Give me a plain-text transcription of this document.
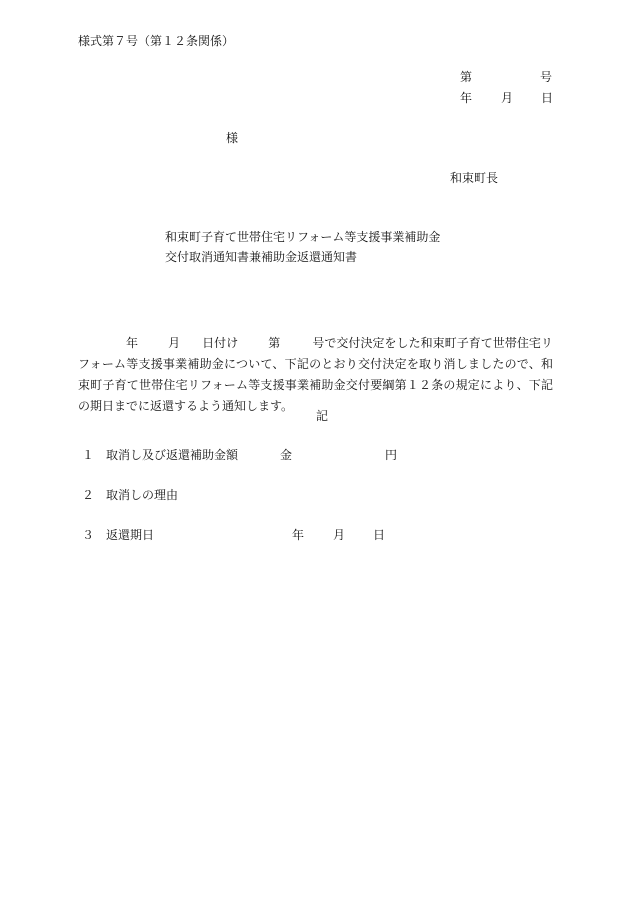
様式第７号（第１２条関係）
第	号
年 月 日
様
和束町長
和束町子育て世帯住宅リフォーム等支援事業補助金
交付取消通知書兼補助金返還通知書
年	月 日付け	第	号で交付決定をした和束町子育て世帯住宅リフォーム等支援事業補助金について、下記のとおり交付決定を取り消しましたので、和束町子育て世帯住宅リフォーム等支援事業補助金交付要綱第１２条の規定により、下記の期日までに返還するよう通知します。
記
１ 取消し及び返還補助金額	金	円
２ 取消しの理由
３ 返還期日	年 月 日
